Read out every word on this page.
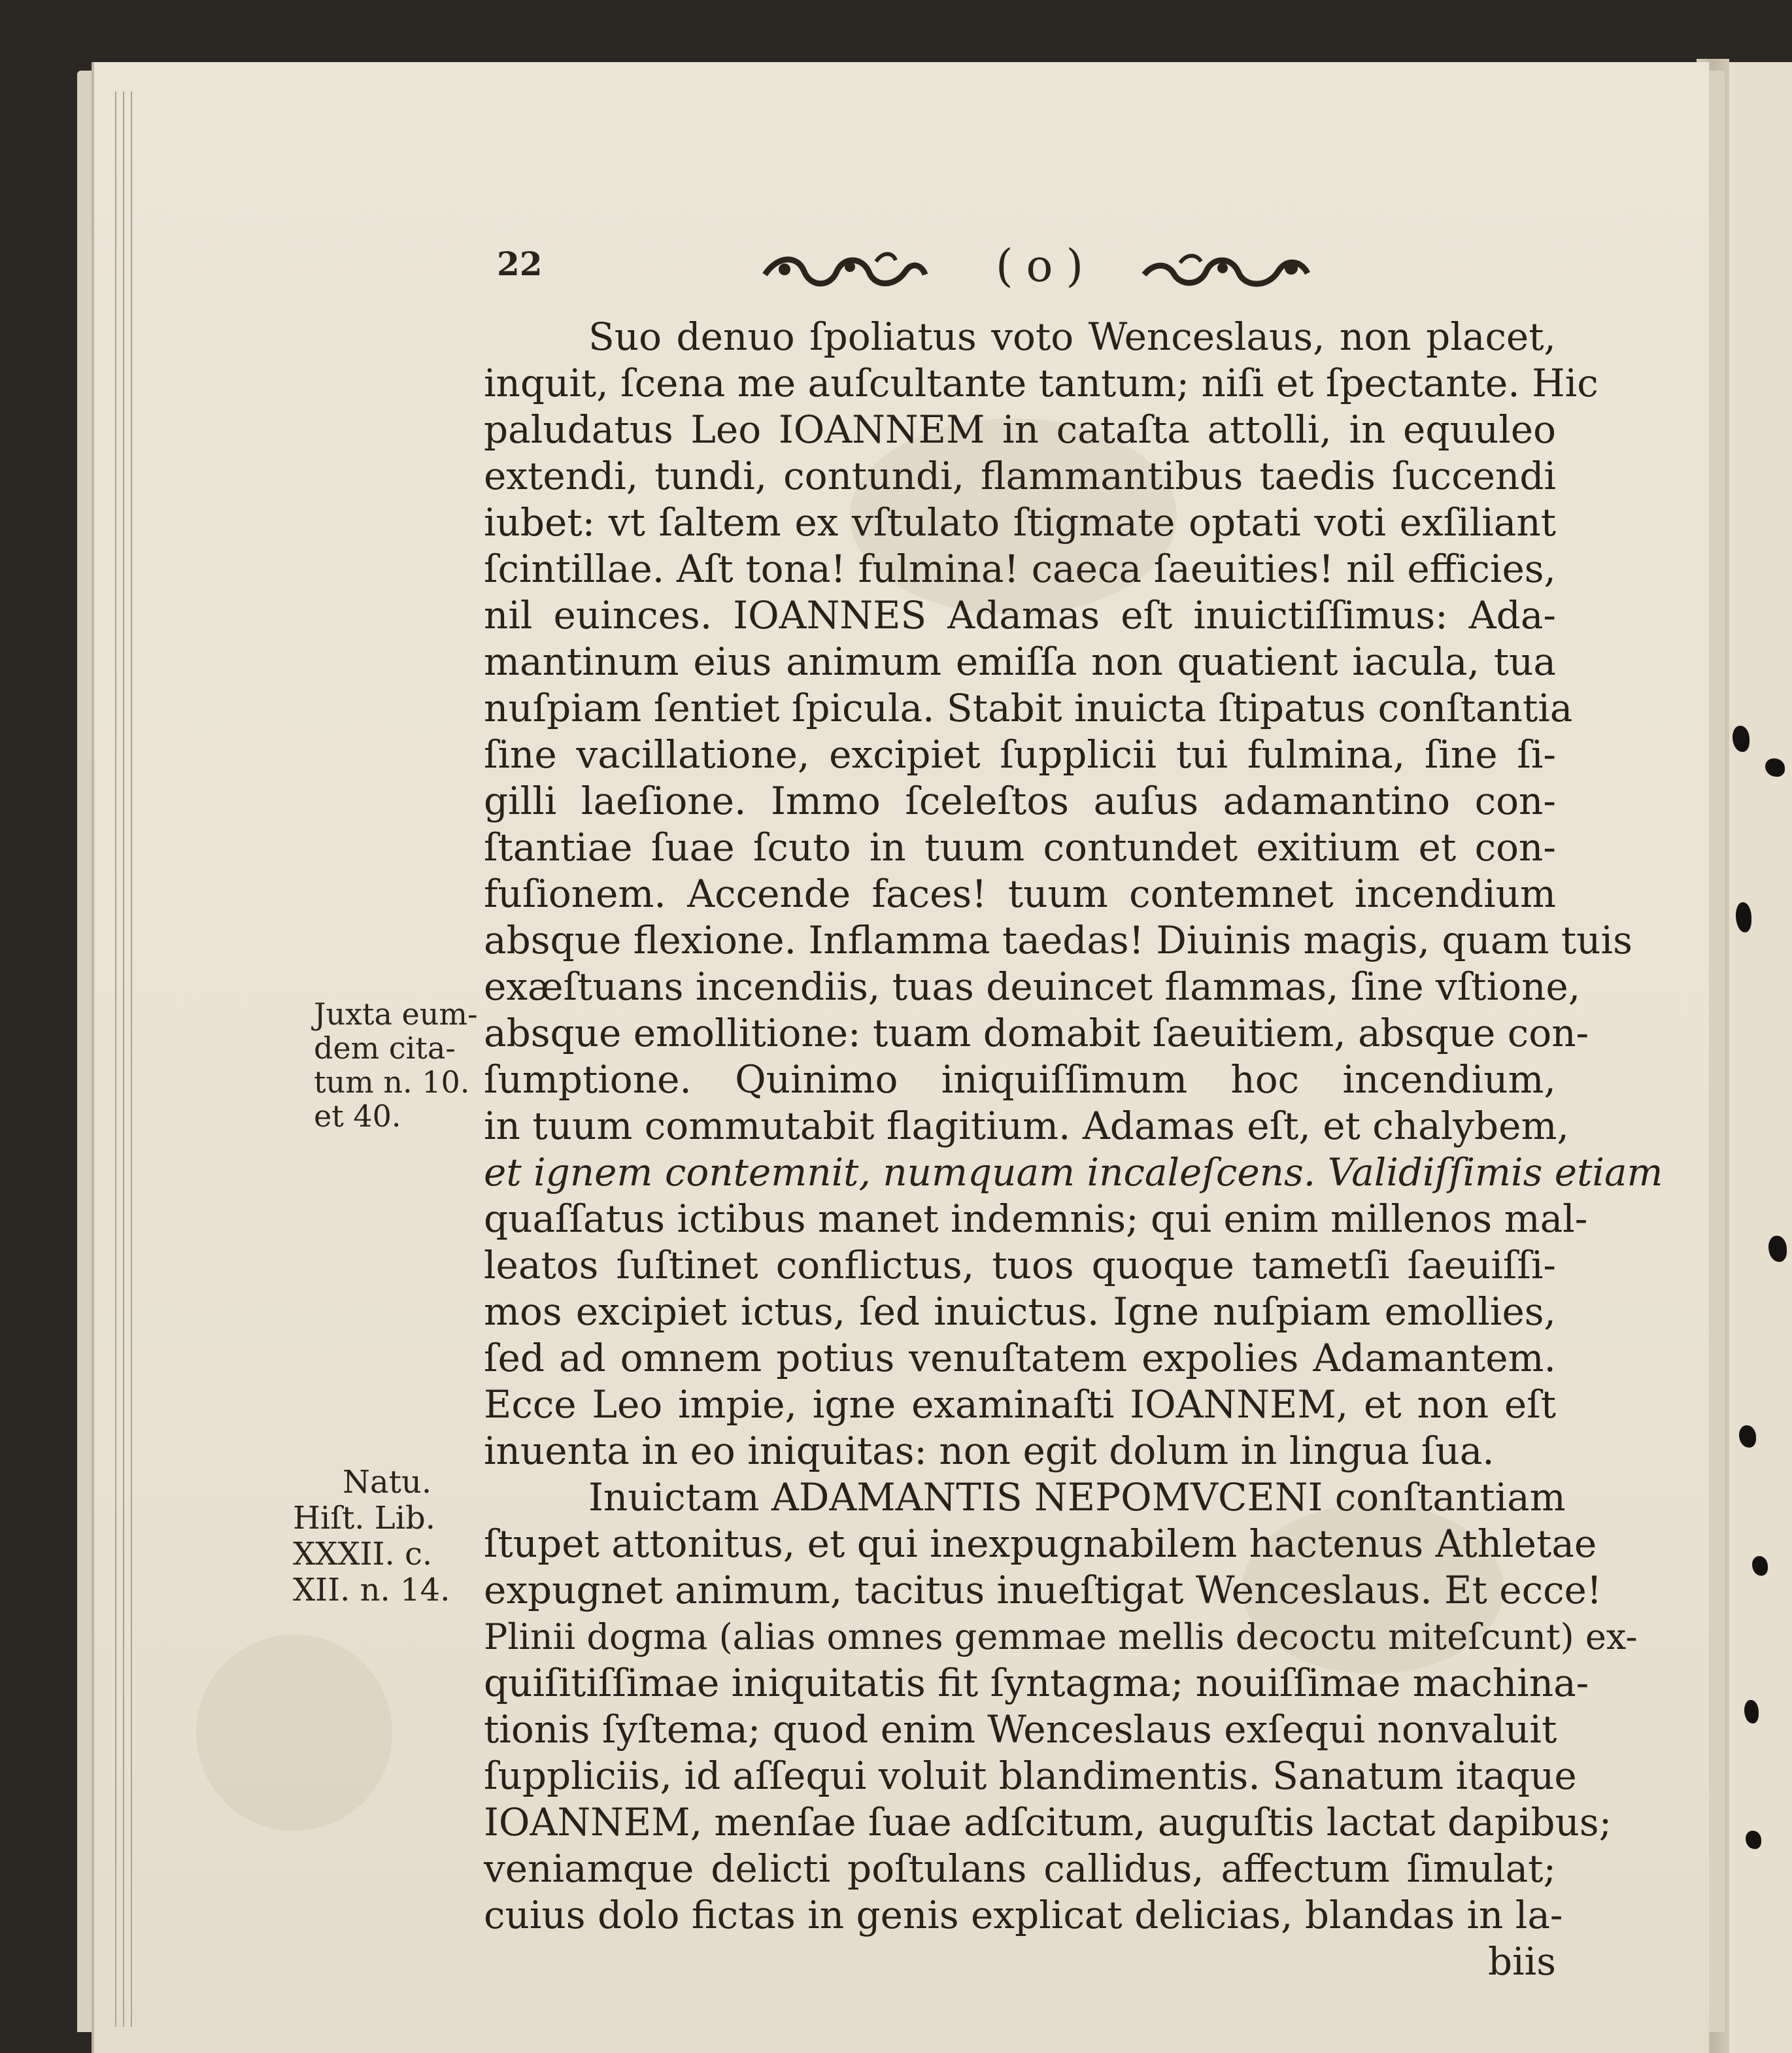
22	(o)
Suo denuo ſpoliatus voto Wenceslaus, non placet,
inquit, ſcena me auſcultante tantum; niſi et ſpectante. Hic
paludatus Leo IOANNEM in cataſta attolli, in equuleo
extendi, tundi, contundi, flammantibus taedis ſuccendi
iubet: vt ſaltem ex vſtulato ſtigmate optati voti exſiliant
ſcintillae. Aſt tona! fulmina! caeca ſaeuities! nil efficies,
nil euinces. IOANNES Adamas eſt inuictiſſimus: Ada-
mantinum eius animum emiſſa non quatient iacula, tua
nuſpiam ſentiet ſpicula. Stabit inuicta ſtipatus conſtantia
ſine vacillatione, excipiet ſupplicii tui fulmina, ſine ſi-
gilli laeſione. Immo ſceleſtos auſus adamantino con-
ſtantiae ſuae ſcuto in tuum contundet exitium et con-
fuſionem. Accende faces! tuum contemnet incendium
absque flexione. Inflamma taedas! Diuinis magis, quam tuis
exæſtuans incendiis, tuas deuincet flammas, ſine vſtione,
absque emollitione: tuam domabit ſaeuitiem, absque con-
ſumptione. Quinimo iniquiſſimum hoc incendium,
in tuum commutabit flagitium. Adamas eſt, et chalybem,
et ignem contemnit, numquam incaleſcens. Validiſſimis etiam
quaſſatus ictibus manet indemnis; qui enim millenos mal-
leatos ſuſtinet conflictus, tuos quoque tametſi ſaeuiſſi-
mos excipiet ictus, ſed inuictus. Igne nuſpiam emollies,
ſed ad omnem potius venuſtatem expolies Adamantem.
Ecce Leo impie, igne examinaſti IOANNEM, et non eſt
inuenta in eo iniquitas: non egit dolum in lingua ſua.
Inuictam ADAMANTIS NEPOMVCENI conſtantiam
ſtupet attonitus, et qui inexpugnabilem hactenus Athletae
expugnet animum, tacitus inueſtigat Wenceslaus. Et ecce!
Plinii dogma (alias omnes gemmae mellis decoctu miteſcunt) ex-
quiſitiſſimae iniquitatis fit ſyntagma; nouiſſimae machina-
tionis ſyſtema; quod enim Wenceslaus exſequi nonvaluit
ſuppliciis, id aſſequi voluit blandimentis. Sanatum itaque
IOANNEM, menſae ſuae adſcitum, auguſtis lactat dapibus;
veniamque delicti poſtulans callidus, affectum ſimulat;
cuius dolo fictas in genis explicat delicias, blandas in la-
biis
Juxta eum-
dem cita-
tum n. 10.
et 40.
Natu.
Hiſt. Lib.
XXXII. c.
XII. n. 14.
